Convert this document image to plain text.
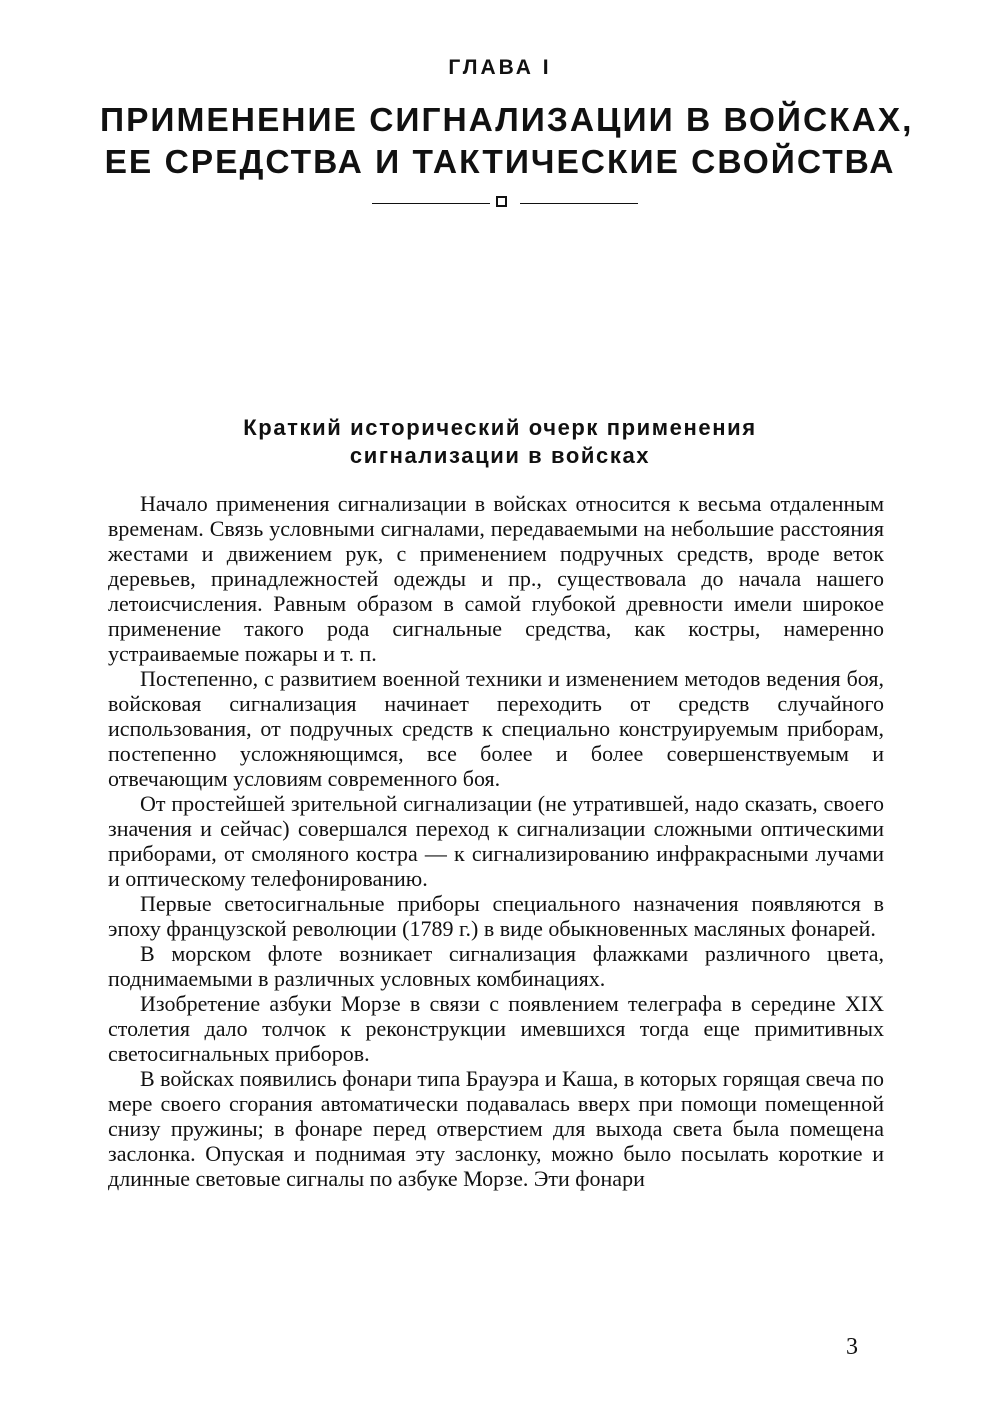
ГЛАВА I
ПРИМЕНЕНИЕ СИГНАЛИЗАЦИИ В ВОЙСКАХ,
ЕЕ СРЕДСТВА И ТАКТИЧЕСКИЕ СВОЙСТВА
Краткий исторический очерк применения
сигнализации в войсках

Начало применения сигнализации в войсках относится к весьма отдаленным временам. Связь условными сигналами, передаваемыми на небольшие расстояния жестами и движением рук, с применением подручных средств, вроде веток деревьев, принадлежностей одежды и пр., существовала до начала нашего летоисчисления. Равным образом в самой глубокой древности имели широкое применение такого рода сигнальные средства, как костры, намеренно устраиваемые пожары и т. п.

Постепенно, с развитием военной техники и изменением методов ведения боя, войсковая сигнализация начинает переходить от средств случайного использования, от подручных средств к специально конструируемым приборам, постепенно усложняющимся, все более и более совершенствуемым и отвечающим условиям современного боя.

От простейшей зрительной сигнализации (не утратившей, надо сказать, своего значения и сейчас) совершался переход к сигнализации сложными оптическими приборами, от смоляного костра — к сигнализированию инфракрасными лучами и оптическому телефонированию.

Первые светосигнальные приборы специального назначения появляются в эпоху французской революции (1789 г.) в виде обыкновенных масляных фонарей.

В морском флоте возникает сигнализация флажками различного цвета, поднимаемыми в различных условных комбинациях.

Изобретение азбуки Морзе в связи с появлением телеграфа в середине XIX столетия дало толчок к реконструкции имевшихся тогда еще примитивных светосигнальных приборов.

В войсках появились фонари типа Брауэра и Каша, в которых горящая свеча по мере своего сгорания автоматически подавалась вверх при помощи помещенной снизу пружины; в фонаре перед отверстием для выхода света была помещена заслонка. Опуская и поднимая эту заслонку, можно было посылать короткие и длинные световые сигналы по азбуке Морзе. Эти фонари

3
